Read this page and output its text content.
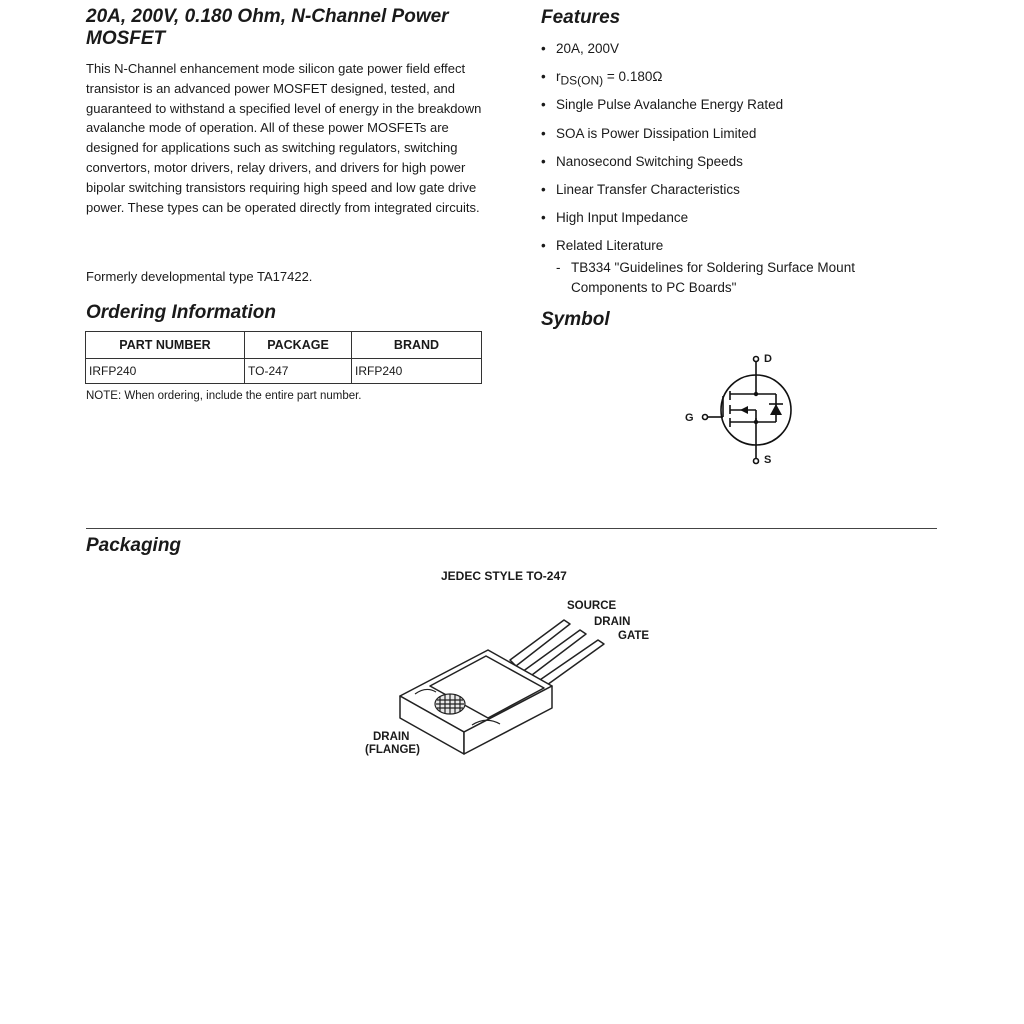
20A, 200V, 0.180 Ohm, N-Channel Power MOSFET

This N-Channel enhancement mode silicon gate power field effect transistor is an advanced power MOSFET designed, tested, and guaranteed to withstand a specified level of energy in the breakdown avalanche mode of operation. All of these power MOSFETs are designed for applications such as switching regulators, switching convertors, motor drivers, relay drivers, and drivers for high power bipolar switching transistors requiring high speed and low gate drive power. These types can be operated directly from integrated circuits.

Formerly developmental type TA17422.

Ordering Information
PART NUMBER	PACKAGE	BRAND
IRFP240	TO-247	IRFP240

NOTE: When ordering, include the entire part number.

Features
• 20A, 200V
• $r_{DS(ON)} = 0.180\Omega$
• Single Pulse Avalanche Energy Rated
• SOA is Power Dissipation Limited
• Nanosecond Switching Speeds
• Linear Transfer Characteristics
• High Input Impedance
• Related Literature
- TB334 "Guidelines for Soldering Surface Mount Components to PC Boards"
Symbol
D
G
S
Packaging

JEDEC STYLE TO-247

SOURCE

DRAIN

GATE

DRAIN

(FLANGE)
